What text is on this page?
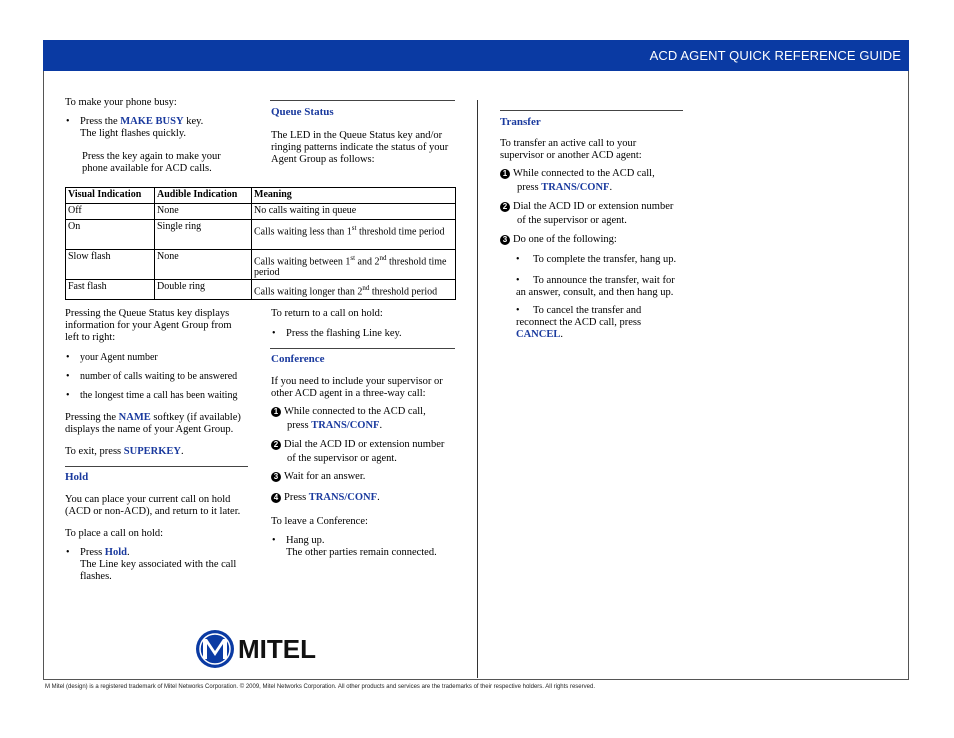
ACD AGENT QUICK REFERENCE GUIDE

To make your phone busy:

• Press the MAKE BUSY key.

The light flashes quickly.

Press the key again to make your

phone available for ACD calls.

Queue Status

The LED in the Queue Status key and/or

ringing patterns indicate the status of your

Agent Group as follows:

Visual Indication	Audible Indication	Meaning
Off	None	No calls waiting in queue
On	Single ring	Calls waiting less than 1st threshold time period
Slow flash	None	Calls waiting between 1st and 2nd threshold time period
Fast flash	Double ring	Calls waiting longer than 2nd threshold period

Pressing the Queue Status key displays

information for your Agent Group from

left to right:

• your Agent number

• number of calls waiting to be answered

• the longest time a call has been waiting

Pressing the NAME softkey (if available)

displays the name of your Agent Group.

To exit, press SUPERKEY.

Hold

You can place your current call on hold

(ACD or non-ACD), and return to it later.

To place a call on hold:

• Press Hold.

The Line key associated with the call

flashes.

To return to a call on hold:

• Press the flashing Line key.

Conference

If you need to include your supervisor or

other ACD agent in a three-way call:

1 While connected to the ACD call,

press TRANS/CONF.

2 Dial the ACD ID or extension number

of the supervisor or agent.

3 Wait for an answer.

4 Press TRANS/CONF.

To leave a Conference:

• Hang up.

The other parties remain connected.

Transfer

To transfer an active call to your

supervisor or another ACD agent:

1 While connected to the ACD call,

press TRANS/CONF.

2 Dial the ACD ID or extension number

of the supervisor or agent.

3 Do one of the following:

• To complete the transfer, hang up.

• To announce the transfer, wait for

an answer, consult, and then hang up.

• To cancel the transfer and

reconnect the ACD call, press

CANCEL.

MITEL
M Mitel (design) is a registered trademark of Mitel Networks Corporation. © 2009, Mitel Networks Corporation. All other products and services are the trademarks of their respective holders. All rights reserved.
